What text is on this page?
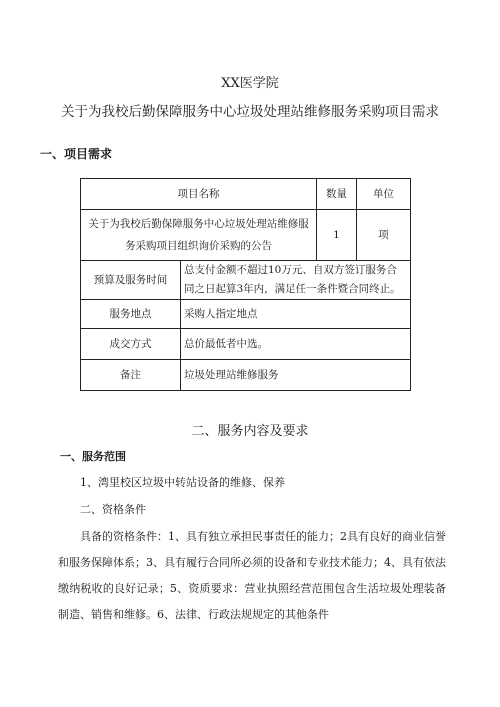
XX医学院
关于为我校后勤保障服务中心垃圾处理站维修服务采购项目需求
一、项目需求
项目名称		数量	单位
关于为我校后勤保障服务中心垃圾处理站维修服务采购项目组织询价采购的公告		1	项
预算及服务时间	总支付金额不超过10万元、自双方签订服务合同之日起算3年内，满足任一条件暨合同终止。		
服务地点	采购人指定地点		
成交方式	总价最低者中选。		
备注	垃圾处理站维修服务		
二、服务内容及要求
一、服务范围
1、湾里校区垃圾中转站设备的维修、保养
二、资格条件
具备的资格条件：1、具有独立承担民事责任的能力；2具有良好的商业信誉和服务保障体系；3、具有履行合同所必须的设备和专业技术能力；4、具有依法缴纳税收的良好记录；5、资质要求：营业执照经营范围包含生活垃圾处理装备制造、销售和维修。6、法律、行政法规规定的其他条件
